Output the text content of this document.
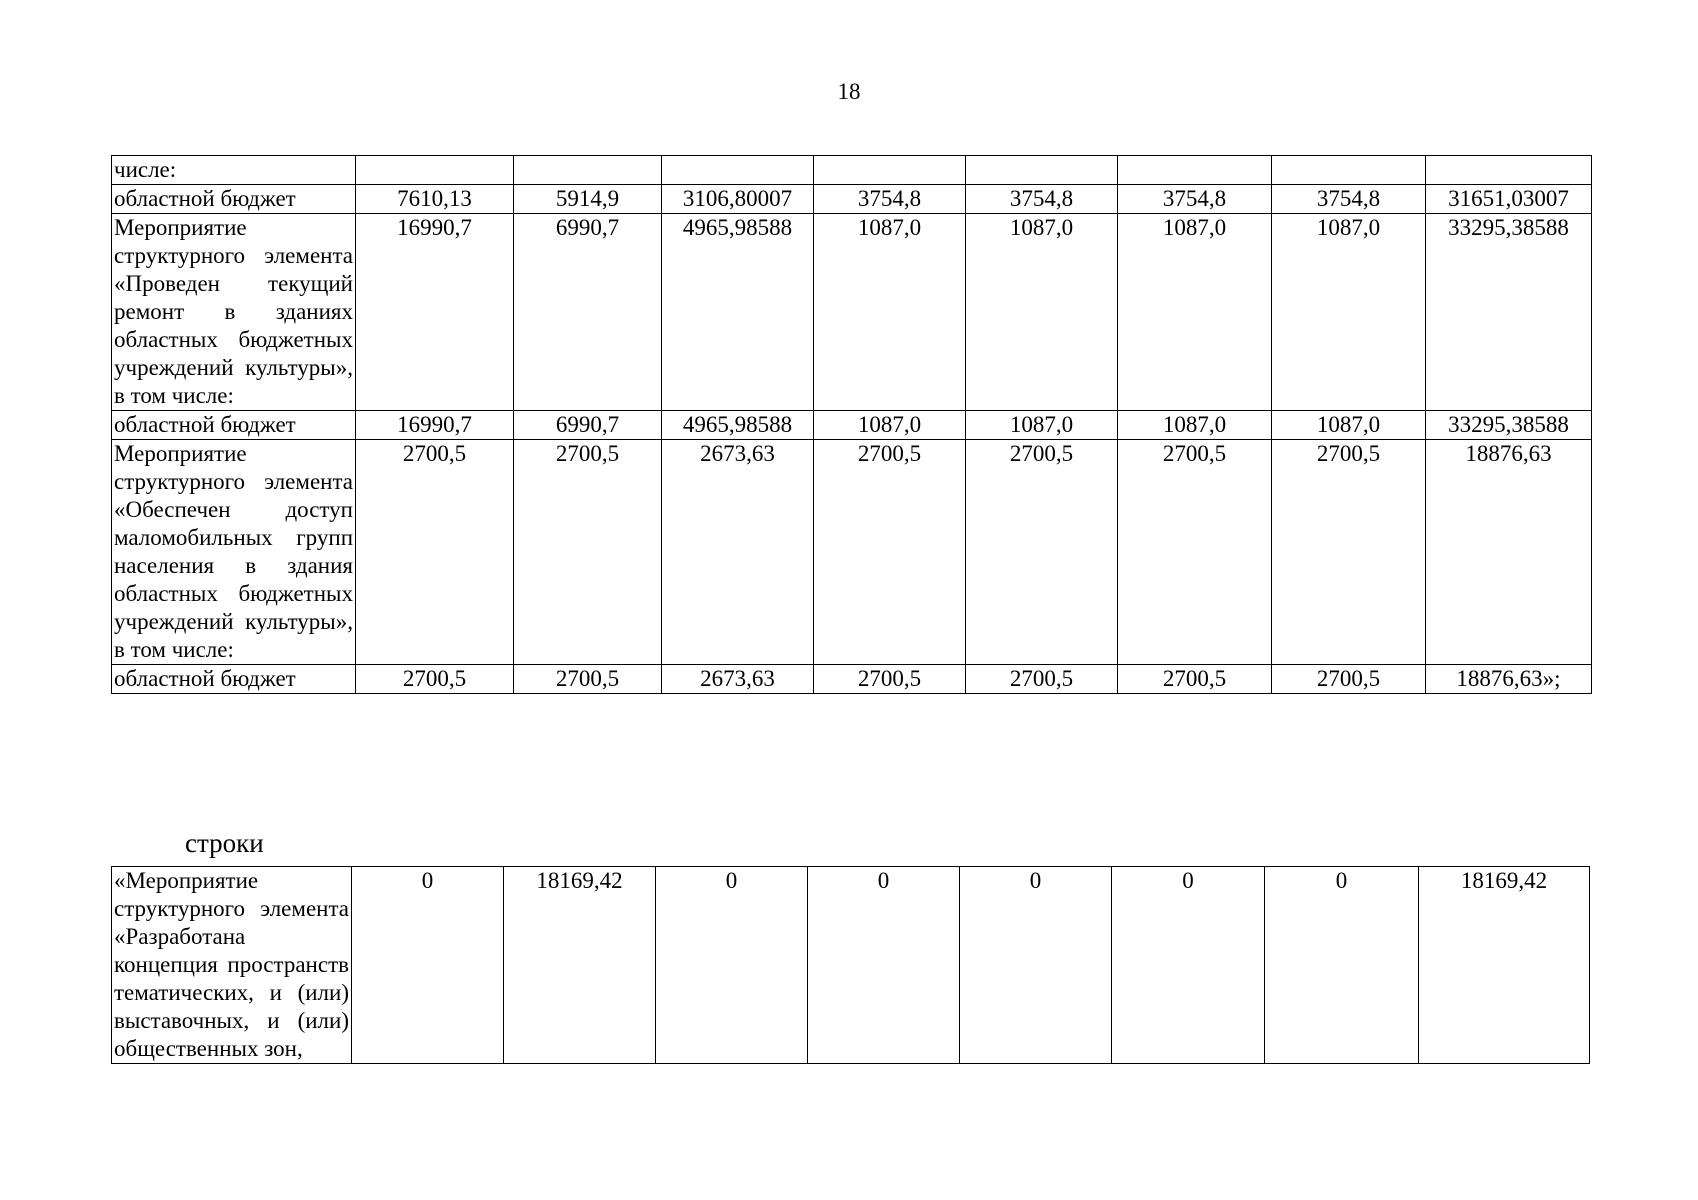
18
числе:								
областной бюджет	7610,13	5914,9	3106,80007	3754,8	3754,8	3754,8	3754,8	31651,03007
Мероприятие структурного элемента «Проведен текущий ремонт в зданиях областных бюджетных учреждений культуры», в том числе:	16990,7	6990,7	4965,98588	1087,0	1087,0	1087,0	1087,0	33295,38588
областной бюджет	16990,7	6990,7	4965,98588	1087,0	1087,0	1087,0	1087,0	33295,38588
Мероприятие структурного элемента «Обеспечен доступ маломобильных групп населения в здания областных бюджетных учреждений культуры», в том числе:	2700,5	2700,5	2673,63	2700,5	2700,5	2700,5	2700,5	18876,63
областной бюджет	2700,5	2700,5	2673,63	2700,5	2700,5	2700,5	2700,5	18876,63»;
строки
«Мероприятие структурного элемента «Разработана концепция пространств тематических, и (или) выставочных, и (или) общественных зон,	0	18169,42	0	0	0	0	0	18169,42
